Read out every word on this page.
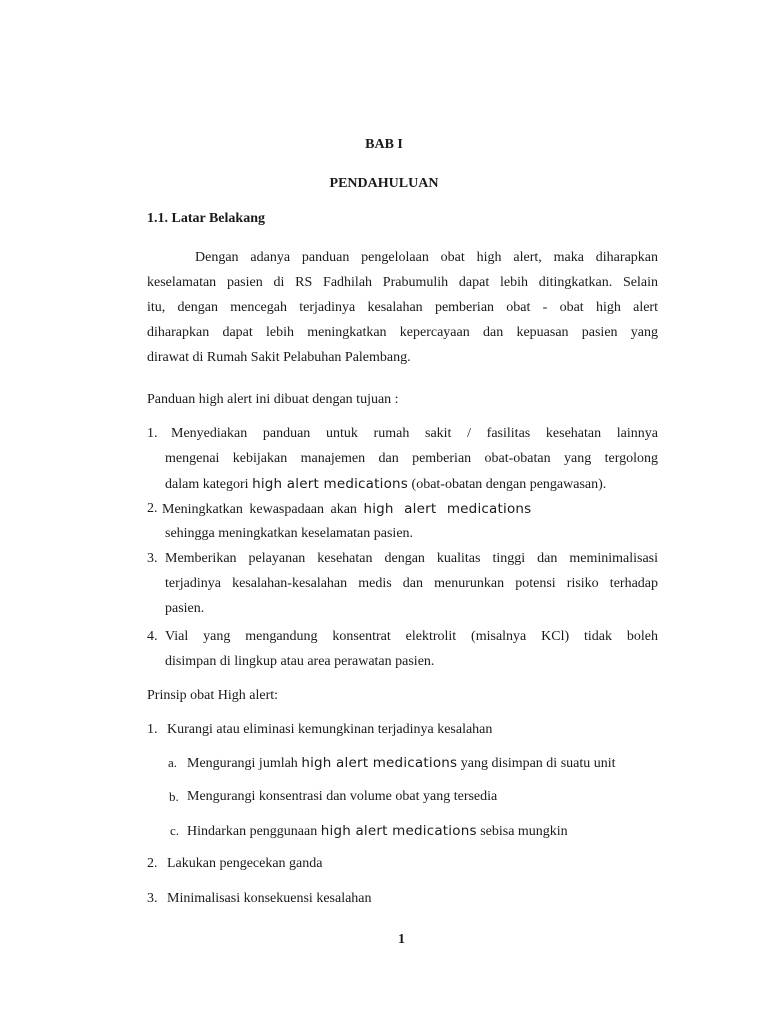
BAB I
PENDAHULUAN
1.1. Latar Belakang
Dengan adanya panduan pengelolaan obat high alert, maka diharapkan
keselamatan pasien di RS Fadhilah Prabumulih dapat lebih ditingkatkan. Selain
itu, dengan mencegah terjadinya kesalahan pemberian obat - obat high alert
diharapkan dapat lebih meningkatkan kepercayaan dan kepuasan pasien yang
dirawat di Rumah Sakit Pelabuhan Palembang.
Panduan high alert ini dibuat dengan tujuan :
1. Menyediakan panduan untuk rumah sakit / fasilitas kesehatan lainnya
mengenai kebijakan manajemen dan pemberian obat-obatan yang tergolong
dalam kategori high alert medications (obat-obatan dengan pengawasan).
2. Meningkatkan kewaspadaan akan high alert medications
sehingga meningkatkan keselamatan pasien.
3. Memberikan pelayanan kesehatan dengan kualitas tinggi dan meminimalisasi
terjadinya kesalahan-kesalahan medis dan menurunkan potensi risiko terhadap
pasien.
4. Vial yang mengandung konsentrat elektrolit (misalnya KCl) tidak boleh
disimpan di lingkup atau area perawatan pasien.
Prinsip obat High alert:
1. Kurangi atau eliminasi kemungkinan terjadinya kesalahan
a. Mengurangi jumlah high alert medications yang disimpan di suatu unit
b. Mengurangi konsentrasi dan volume obat yang tersedia
c. Hindarkan penggunaan high alert medications sebisa mungkin
2. Lakukan pengecekan ganda
3. Minimalisasi konsekuensi kesalahan
1
